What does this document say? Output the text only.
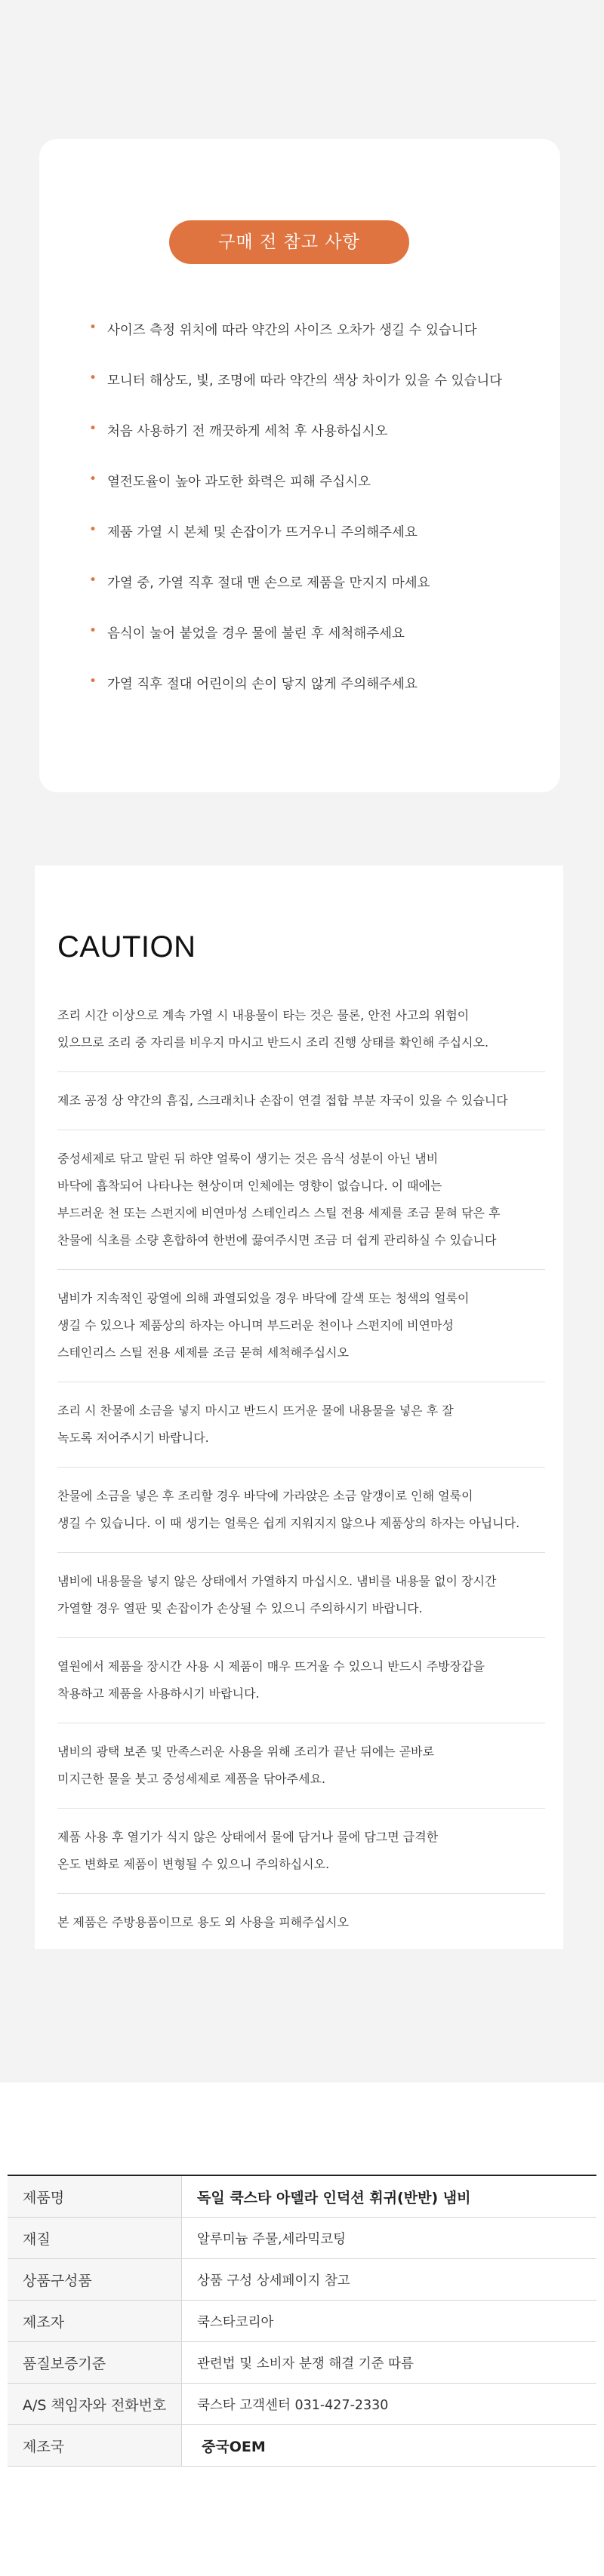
구매 전 참고 사항
• 사이즈 측정 위치에 따라 약간의 사이즈 오차가 생길 수 있습니다
• 모니터 해상도, 빛, 조명에 따라 약간의 색상 차이가 있을 수 있습니다
• 처음 사용하기 전 깨끗하게 세척 후 사용하십시오
• 열전도율이 높아 과도한 화력은 피해 주십시오
• 제품 가열 시 본체 및 손잡이가 뜨거우니 주의해주세요
• 가열 중, 가열 직후 절대 맨 손으로 제품을 만지지 마세요
• 음식이 눌어 붙었을 경우 물에 불린 후 세척해주세요
• 가열 직후 절대 어린이의 손이 닿지 않게 주의해주세요
CAUTION
조리 시간 이상으로 계속 가열 시 내용물이 타는 것은 물론, 안전 사고의 위험이
있으므로 조리 중 자리를 비우지 마시고 반드시 조리 진행 상태를 확인해 주십시오.
제조 공정 상 약간의 흠집, 스크래치나 손잡이 연결 접합 부분 자국이 있을 수 있습니다
중성세제로 닦고 말린 뒤 하얀 얼룩이 생기는 것은 음식 성분이 아닌 냄비
바닥에 흡착되어 나타나는 현상이며 인체에는 영향이 없습니다. 이 때에는
부드러운 천 또는 스펀지에 비연마성 스테인리스 스틸 전용 세제를 조금 묻혀 닦은 후
찬물에 식초를 소량 혼합하여 한번에 끓여주시면 조금 더 쉽게 관리하실 수 있습니다
냄비가 지속적인 광열에 의해 과열되었을 경우 바닥에 갈색 또는 청색의 얼룩이
생길 수 있으나 제품상의 하자는 아니며 부드러운 천이나 스펀지에 비연마성
스테인리스 스틸 전용 세제를 조금 묻혀 세척해주십시오
조리 시 찬물에 소금을 넣지 마시고 반드시 뜨거운 물에 내용물을 넣은 후 잘
녹도록 저어주시기 바랍니다.
찬물에 소금을 넣은 후 조리할 경우 바닥에 가라앉은 소금 알갱이로 인해 얼룩이
생길 수 있습니다. 이 때 생기는 얼룩은 쉽게 지워지지 않으나 제품상의 하자는 아닙니다.
냄비에 내용물을 넣지 않은 상태에서 가열하지 마십시오. 냄비를 내용물 없이 장시간
가열할 경우 열판 및 손잡이가 손상될 수 있으니 주의하시기 바랍니다.
열원에서 제품을 장시간 사용 시 제품이 매우 뜨거울 수 있으니 반드시 주방장갑을
착용하고 제품을 사용하시기 바랍니다.
냄비의 광택 보존 및 만족스러운 사용을 위해 조리가 끝난 뒤에는 곧바로
미지근한 물을 붓고 중성세제로 제품을 닦아주세요.
제품 사용 후 열기가 식지 않은 상태에서 물에 담거나 물에 담그면 급격한
온도 변화로 제품이 변형될 수 있으니 주의하십시오.
본 제품은 주방용품이므로 용도 외 사용을 피해주십시오
제품명	독일 쿡스타 아델라 인덕션 휘귀(반반) 냄비
재질	알루미늄 주물,세라믹코팅
상품구성품	상품 구성 상세페이지 참고
제조자	쿡스타코리아
품질보증기준	관련법 및 소비자 분쟁 해결 기준 따름
A/S 책임자와 전화번호	쿡스타 고객센터 031-427-2330
제조국	중국OEM
